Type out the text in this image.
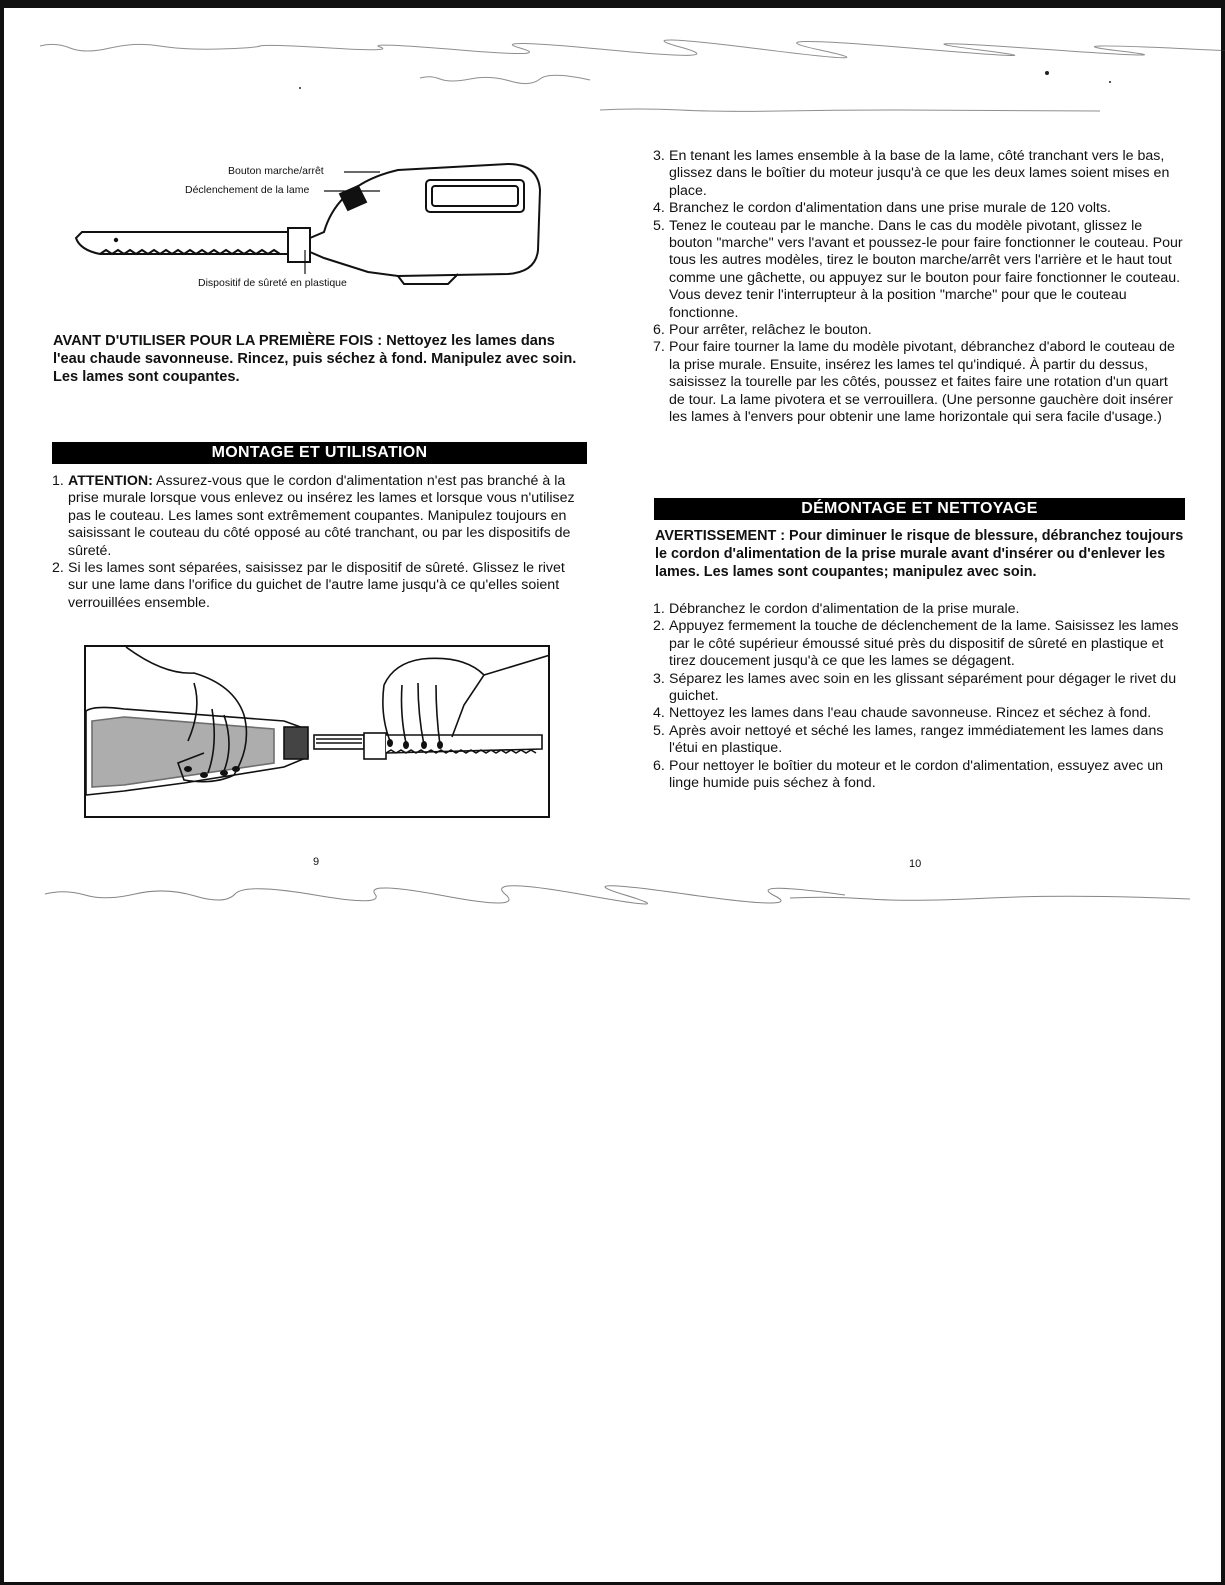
Bouton marche/arrêt
Déclenchement de la lame
Dispositif de sûreté en plastique

AVANT D'UTILISER POUR LA PREMIÈRE FOIS : Nettoyez les lames dans l'eau chaude savonneuse. Rincez, puis séchez à fond. Manipulez avec soin. Les lames sont coupantes.

MONTAGE ET UTILISATION
1. ATTENTION: Assurez-vous que le cordon d'alimentation n'est pas branché à la prise murale lorsque vous enlevez ou insérez les lames et lorsque vous n'utilisez pas le couteau. Les lames sont extrêmement coupantes. Manipulez toujours en saisissant le couteau du côté opposé au côté tranchant, ou par les dispositifs de sûreté.
2. Si les lames sont séparées, saisissez par le dispositif de sûreté. Glissez le rivet sur une lame dans l'orifice du guichet de l'autre lame jusqu'à ce qu'elles soient verrouillées ensemble.
9
3. En tenant les lames ensemble à la base de la lame, côté tranchant vers le bas, glissez dans le boîtier du moteur jusqu'à ce que les deux lames soient mises en place.
4. Branchez le cordon d'alimentation dans une prise murale de 120 volts.
5. Tenez le couteau par le manche. Dans le cas du modèle pivotant, glissez le bouton "marche" vers l'avant et poussez-le pour faire fonctionner le couteau. Pour tous les autres modèles, tirez le bouton marche/arrêt vers l'arrière et le haut tout comme une gâchette, ou appuyez sur le bouton pour faire fonctionner le couteau. Vous devez tenir l'interrupteur à la position "marche" pour que le couteau fonctionne.
6. Pour arrêter, relâchez le bouton.
7. Pour faire tourner la lame du modèle pivotant, débranchez d'abord le couteau de la prise murale. Ensuite, insérez les lames tel qu'indiqué. À partir du dessus, saisissez la tourelle par les côtés, poussez et faites faire une rotation d'un quart de tour. La lame pivotera et se verrouillera. (Une personne gauchère doit insérer les lames à l'envers pour obtenir une lame horizontale qui sera facile d'usage.)
DÉMONTAGE ET NETTOYAGE

AVERTISSEMENT : Pour diminuer le risque de blessure, débranchez toujours le cordon d'alimentation de la prise murale avant d'insérer ou d'enlever les lames. Les lames sont coupantes; manipulez avec soin.

1. Débranchez le cordon d'alimentation de la prise murale.
2. Appuyez fermement la touche de déclenchement de la lame. Saisissez les lames par le côté supérieur émoussé situé près du dispositif de sûreté en plastique et tirez doucement jusqu'à ce que les lames se dégagent.
3. Séparez les lames avec soin en les glissant séparément pour dégager le rivet du guichet.
4. Nettoyez les lames dans l'eau chaude savonneuse. Rincez et séchez à fond.
5. Après avoir nettoyé et séché les lames, rangez immédiatement les lames dans l'étui en plastique.
6. Pour nettoyer le boîtier du moteur et le cordon d'alimentation, essuyez avec un linge humide puis séchez à fond.
10
